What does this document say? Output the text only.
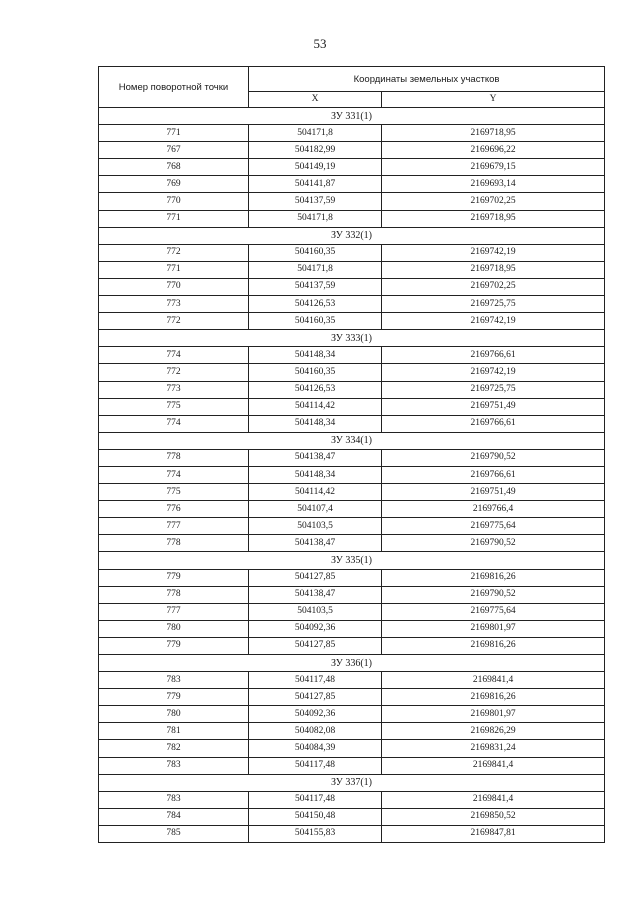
53
Номер поворотной точки	Координаты земельных участков	
	X	Y
ЗУ 331(1)		
771	504171,8	2169718,95
767	504182,99	2169696,22
768	504149,19	2169679,15
769	504141,87	2169693,14
770	504137,59	2169702,25
771	504171,8	2169718,95
ЗУ 332(1)		
772	504160,35	2169742,19
771	504171,8	2169718,95
770	504137,59	2169702,25
773	504126,53	2169725,75
772	504160,35	2169742,19
ЗУ 333(1)		
774	504148,34	2169766,61
772	504160,35	2169742,19
773	504126,53	2169725,75
775	504114,42	2169751,49
774	504148,34	2169766,61
ЗУ 334(1)		
778	504138,47	2169790,52
774	504148,34	2169766,61
775	504114,42	2169751,49
776	504107,4	2169766,4
777	504103,5	2169775,64
778	504138,47	2169790,52
ЗУ 335(1)		
779	504127,85	2169816,26
778	504138,47	2169790,52
777	504103,5	2169775,64
780	504092,36	2169801,97
779	504127,85	2169816,26
ЗУ 336(1)		
783	504117,48	2169841,4
779	504127,85	2169816,26
780	504092,36	2169801,97
781	504082,08	2169826,29
782	504084,39	2169831,24
783	504117,48	2169841,4
ЗУ 337(1)		
783	504117,48	2169841,4
784	504150,48	2169850,52
785	504155,83	2169847,81
